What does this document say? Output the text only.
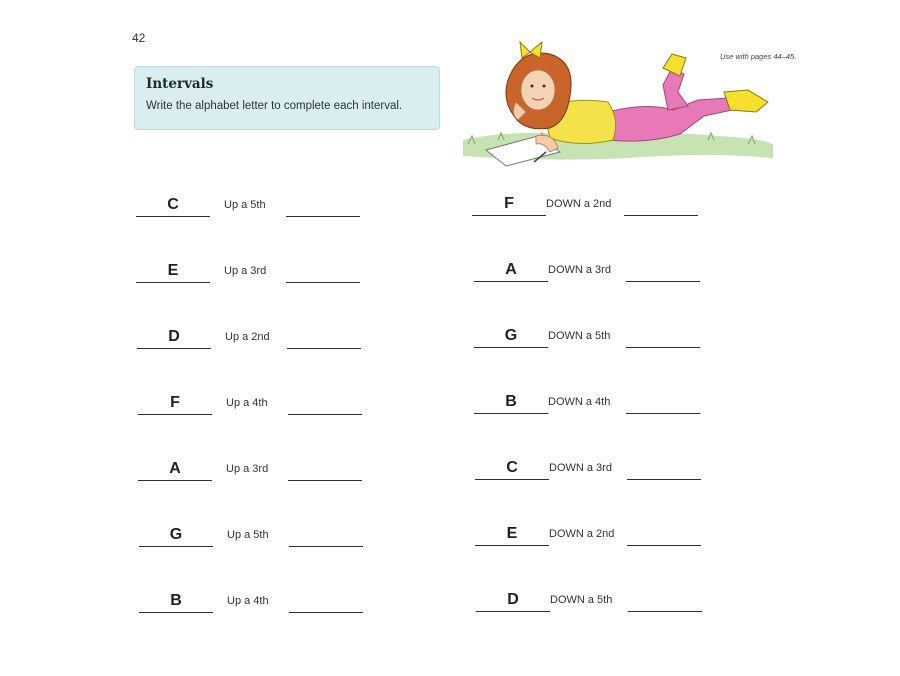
42
Use with pages 44–45.
Intervals
Write the alphabet letter to complete each interval.
C	Up a 5th
E	Up a 3rd
D	Up a 2nd
F	Up a 4th
A	Up a 3rd
G	Up a 5th
B	Up a 4th
F	DOWN a 2nd
A	DOWN a 3rd
G	DOWN a 5th
B	DOWN a 4th
C	DOWN a 3rd
E	DOWN a 2nd
D	DOWN a 5th
